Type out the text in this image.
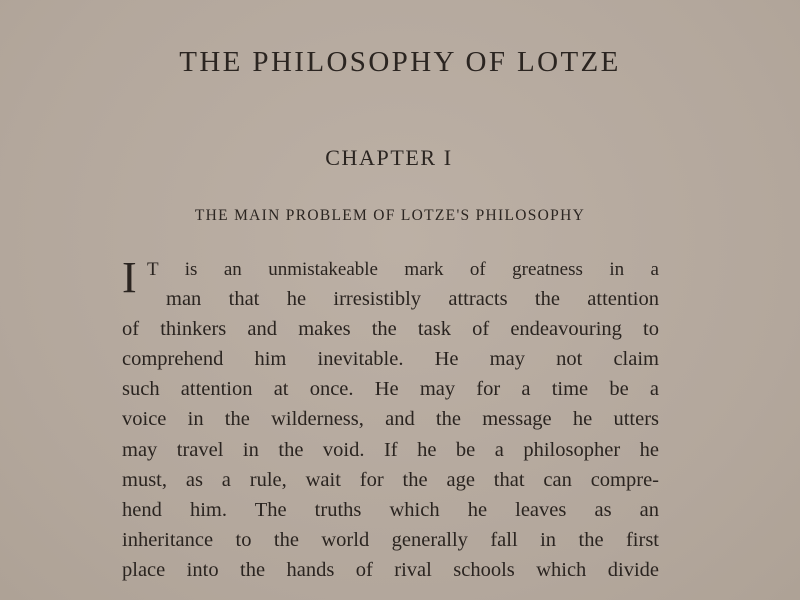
THE PHILOSOPHY OF LOTZE
CHAPTER I
THE MAIN PROBLEM OF LOTZE'S PHILOSOPHY
I T is an unmistakeable mark of greatness in a
man that he irresistibly attracts the attention
of thinkers and makes the task of endeavouring to
comprehend him inevitable. He may not claim
such attention at once. He may for a time be a
voice in the wilderness, and the message he utters
may travel in the void. If he be a philosopher he
must, as a rule, wait for the age that can compre-
hend him. The truths which he leaves as an
inheritance to the world generally fall in the first
place into the hands of rival schools which divide
